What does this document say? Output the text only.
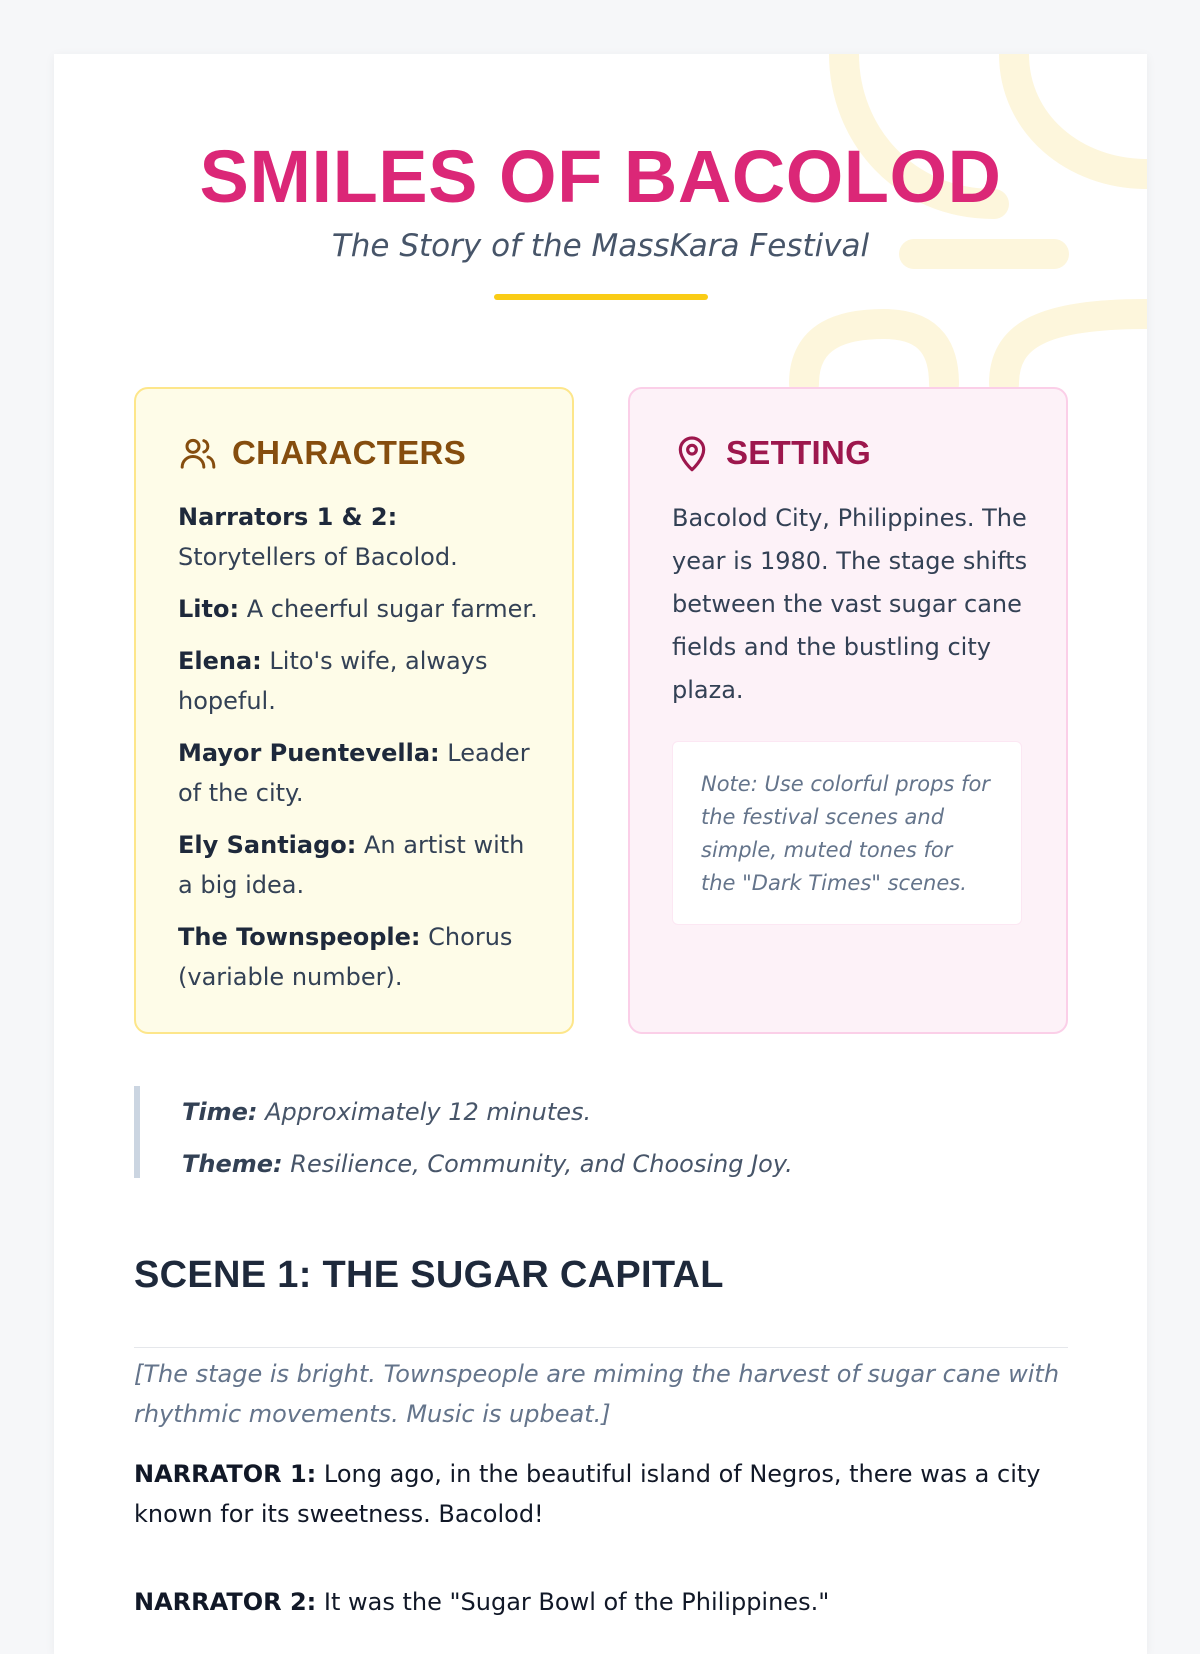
SMILES OF BACOLOD

The Story of the MassKara Festival

CHARACTERS
Narrators 1 & 2: Storytellers of Bacolod.
Lito: A cheerful sugar farmer.
Elena: Lito's wife, always hopeful.
Mayor Puentevella: Leader of the city.
Ely Santiago: An artist with a big idea.
The Townspeople: Chorus (variable number).
SETTING

Bacolod City, Philippines. The year is 1980. The stage shifts between the vast sugar cane fields and the bustling city plaza.

Note: Use colorful props for the festival scenes and simple, muted tones for the "Dark Times" scenes.

Time: Approximately 12 minutes.

Theme: Resilience, Community, and Choosing Joy.

SCENE 1: THE SUGAR CAPITAL

[The stage is bright. Townspeople are miming the harvest of sugar cane with rhythmic movements. Music is upbeat.]

NARRATOR 1: Long ago, in the beautiful island of Negros, there was a city known for its sweetness. Bacolod!

NARRATOR 2: It was the "Sugar Bowl of the Philippines."
